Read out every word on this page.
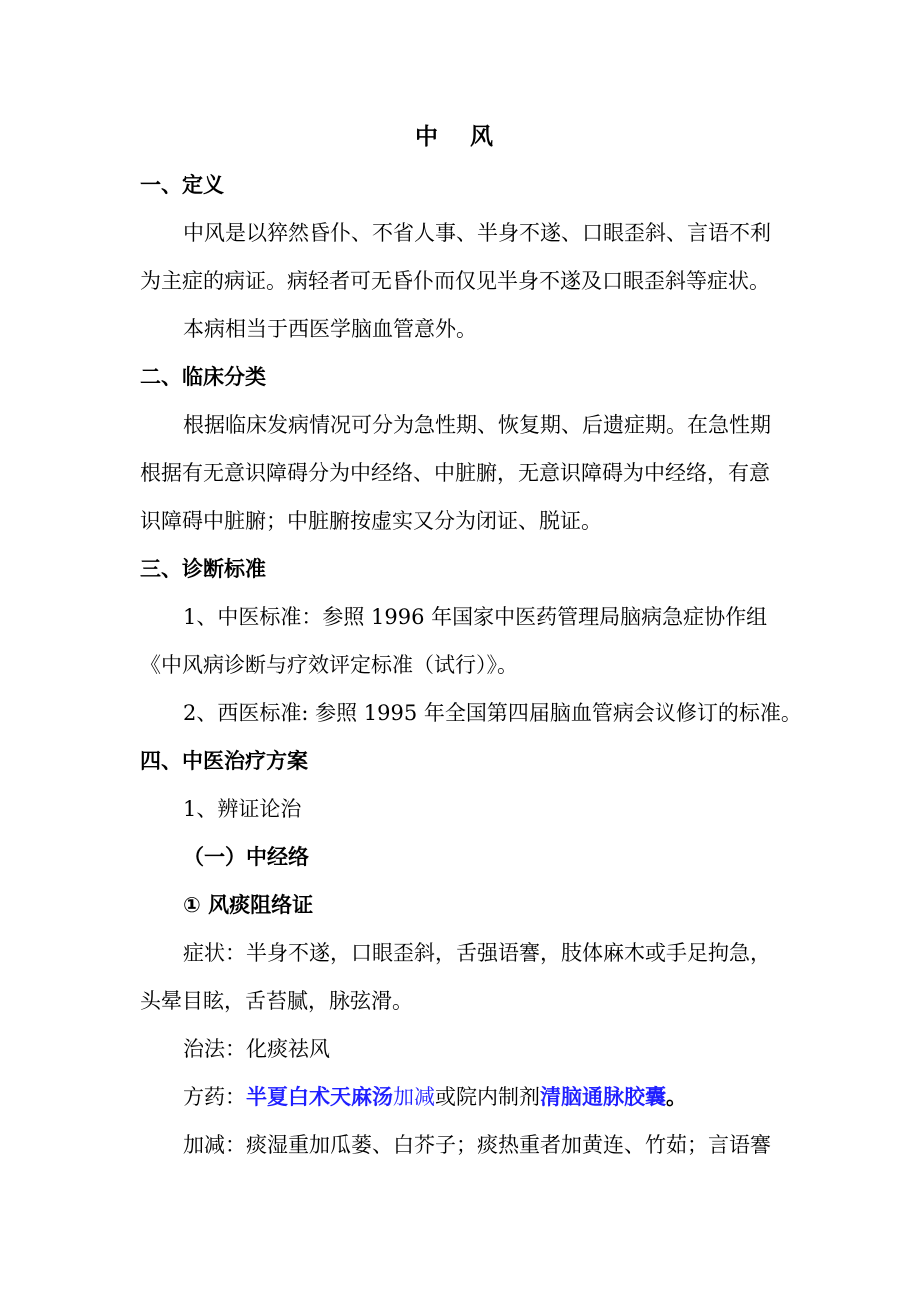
中 风
一、定义
中风是以猝然昏仆、不省人事、半身不遂、口眼歪斜、言语不利
为主症的病证。病轻者可无昏仆而仅见半身不遂及口眼歪斜等症状。
本病相当于西医学脑血管意外。
二、临床分类
根据临床发病情况可分为急性期、恢复期、后遗症期。在急性期
根据有无意识障碍分为中经络、中脏腑，无意识障碍为中经络，有意
识障碍中脏腑；中脏腑按虚实又分为闭证、脱证。
三、诊断标准
1、中医标准：参照 1996 年国家中医药管理局脑病急症协作组
《中风病诊断与疗效评定标准（试行）》。
2、西医标准: 参照 1995 年全国第四届脑血管病会议修订的标准。
四、中医治疗方案
1、辨证论治
（一）中经络
① 风痰阻络证
症状：半身不遂，口眼歪斜，舌强语謇，肢体麻木或手足拘急，
头晕目眩，舌苔腻，脉弦滑。
治法：化痰祛风
方药：半夏白术天麻汤加减或院内制剂清脑通脉胶囊。
加减：痰湿重加瓜蒌、白芥子；痰热重者加黄连、竹茹；言语謇
